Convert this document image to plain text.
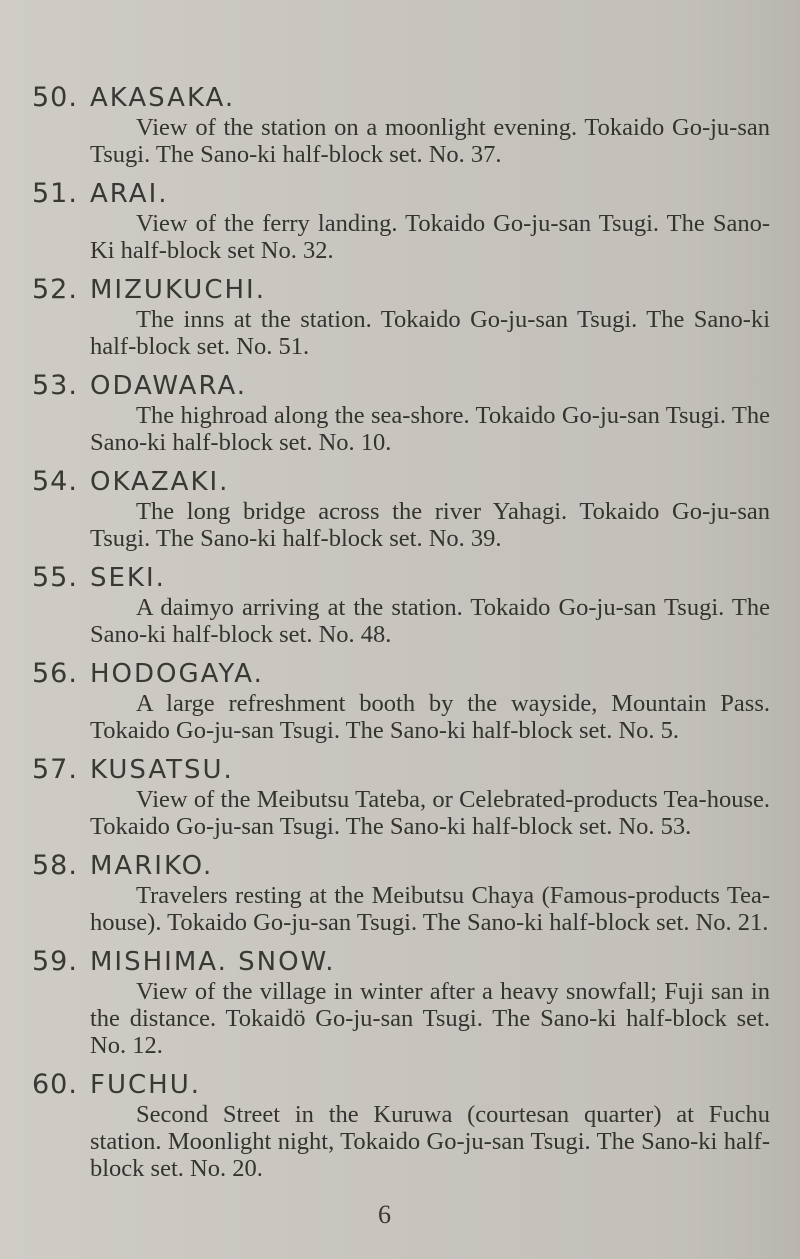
50. AKASAKA.

View of the station on a moonlight evening. Tokaido Go-ju-san Tsugi. The Sano-ki half-block set. No. 37.

51. ARAI.

View of the ferry landing. Tokaido Go-ju-san Tsugi. The Sano-Ki half-block set No. 32.

52. MIZUKUCHI.

The inns at the station. Tokaido Go-ju-san Tsugi. The Sano-ki half-block set. No. 51.

53. ODAWARA.

The highroad along the sea-shore. Tokaido Go-ju-san Tsugi. The Sano-ki half-block set. No. 10.

54. OKAZAKI.

The long bridge across the river Yahagi. Tokaido Go-ju-san Tsugi. The Sano-ki half-block set. No. 39.

55. SEKI.

A daimyo arriving at the station. Tokaido Go-ju-san Tsugi. The Sano-ki half-block set. No. 48.

56. HODOGAYA.

A large refreshment booth by the wayside, Mountain Pass. Tokaido Go-ju-san Tsugi. The Sano-ki half-block set. No. 5.

57. KUSATSU.

View of the Meibutsu Tateba, or Celebrated-products Tea-house. Tokaido Go-ju-san Tsugi. The Sano-ki half-block set. No. 53.

58. MARIKO.

Travelers resting at the Meibutsu Chaya (Famous-products Tea-house). Tokaido Go-ju-san Tsugi. The Sano-ki half-block set. No. 21.

59. MISHIMA. SNOW.

View of the village in winter after a heavy snowfall; Fuji san in the distance. Tokaidö Go-ju-san Tsugi. The Sano-ki half-block set. No. 12.

60. FUCHU.

Second Street in the Kuruwa (courtesan quarter) at Fuchu station. Moonlight night, Tokaido Go-ju-san Tsugi. The Sano-ki half-block set. No. 20.

6
